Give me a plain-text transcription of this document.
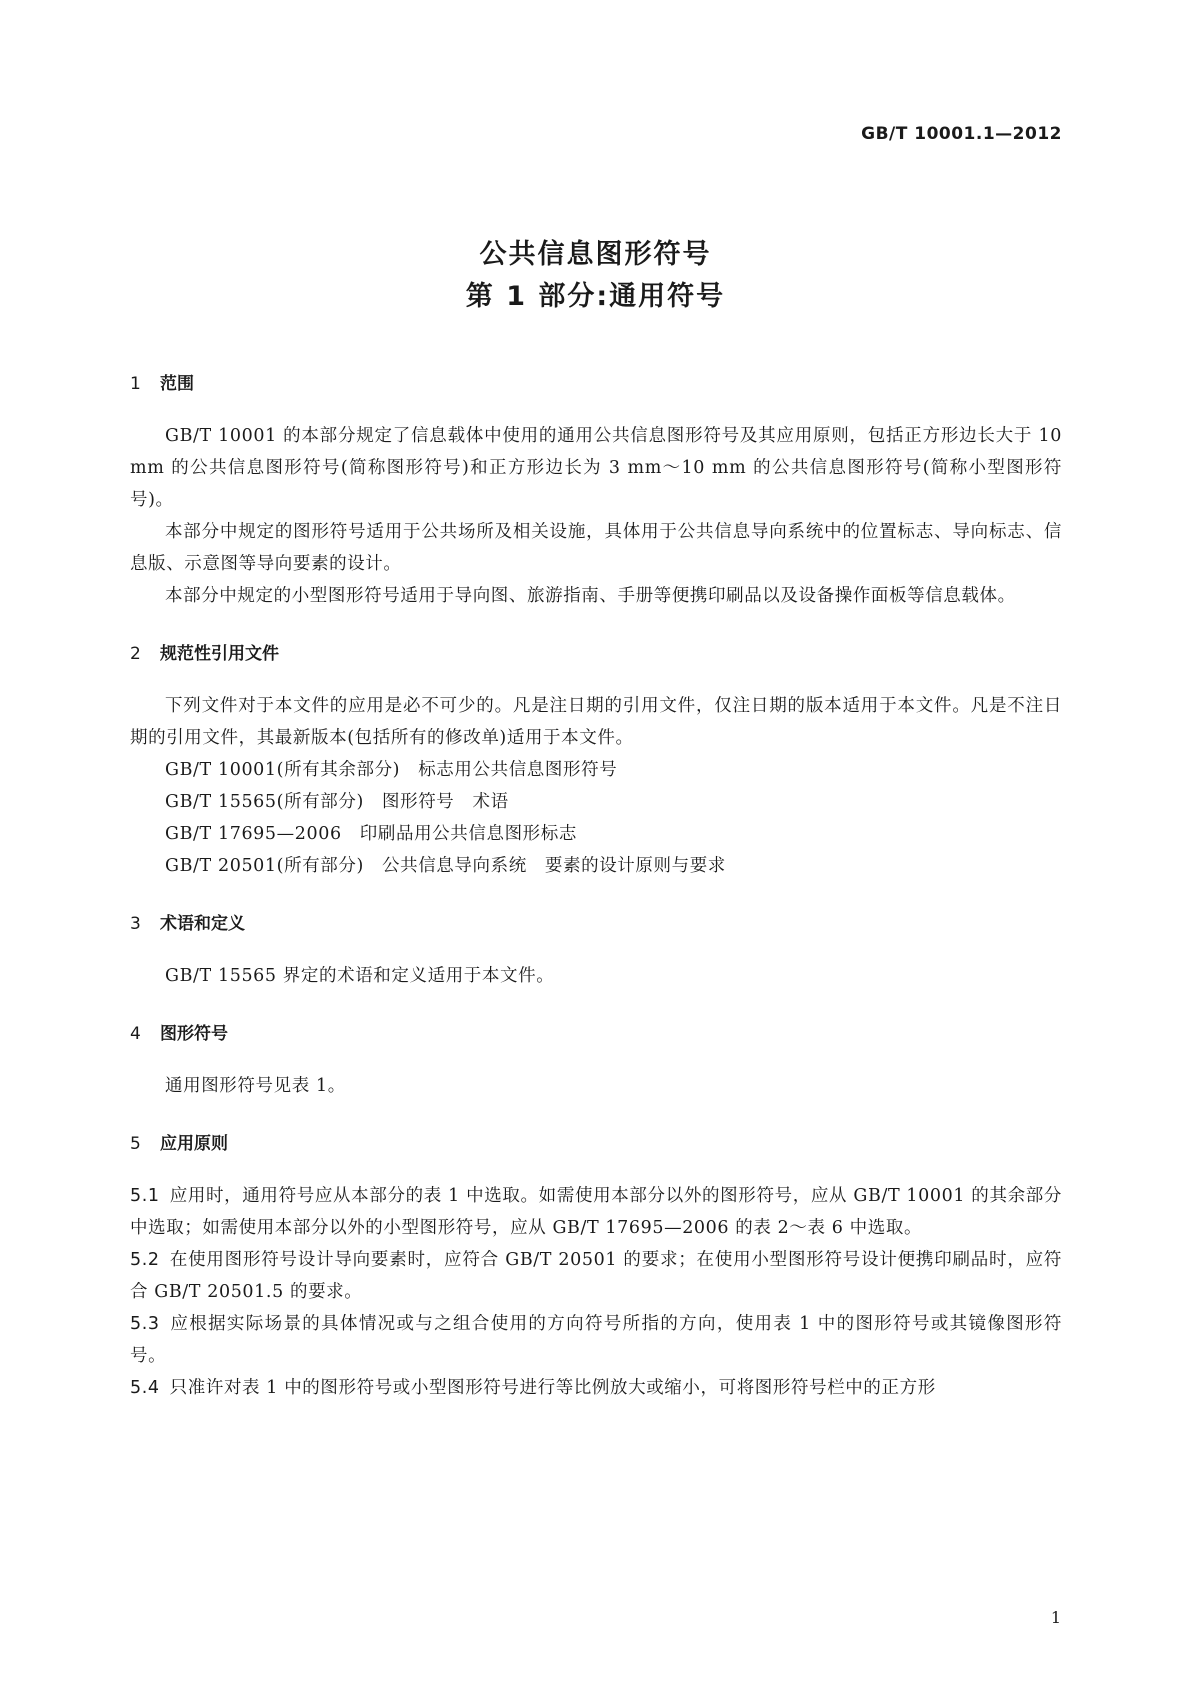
GB/T 10001.1—2012
公共信息图形符号
第 1 部分:通用符号
1 范围

GB/T 10001 的本部分规定了信息载体中使用的通用公共信息图形符号及其应用原则，包括正方形边长大于 10 mm 的公共信息图形符号(简称图形符号)和正方形边长为 3 mm～10 mm 的公共信息图形符号(简称小型图形符号)。

本部分中规定的图形符号适用于公共场所及相关设施，具体用于公共信息导向系统中的位置标志、导向标志、信息版、示意图等导向要素的设计。

本部分中规定的小型图形符号适用于导向图、旅游指南、手册等便携印刷品以及设备操作面板等信息载体。

2 规范性引用文件

下列文件对于本文件的应用是必不可少的。凡是注日期的引用文件，仅注日期的版本适用于本文件。凡是不注日期的引用文件，其最新版本(包括所有的修改单)适用于本文件。

GB/T 10001(所有其余部分)　标志用公共信息图形符号

GB/T 15565(所有部分)　图形符号　术语

GB/T 17695—2006　印刷品用公共信息图形标志

GB/T 20501(所有部分)　公共信息导向系统　要素的设计原则与要求

3 术语和定义

GB/T 15565 界定的术语和定义适用于本文件。

4 图形符号

通用图形符号见表 1。

5 应用原则

5.1 应用时，通用符号应从本部分的表 1 中选取。如需使用本部分以外的图形符号，应从 GB/T 10001 的其余部分中选取；如需使用本部分以外的小型图形符号，应从 GB/T 17695—2006 的表 2～表 6 中选取。

5.2 在使用图形符号设计导向要素时，应符合 GB/T 20501 的要求；在使用小型图形符号设计便携印刷品时，应符合 GB/T 20501.5 的要求。

5.3 应根据实际场景的具体情况或与之组合使用的方向符号所指的方向，使用表 1 中的图形符号或其镜像图形符号。

5.4 只准许对表 1 中的图形符号或小型图形符号进行等比例放大或缩小，可将图形符号栏中的正方形

1
